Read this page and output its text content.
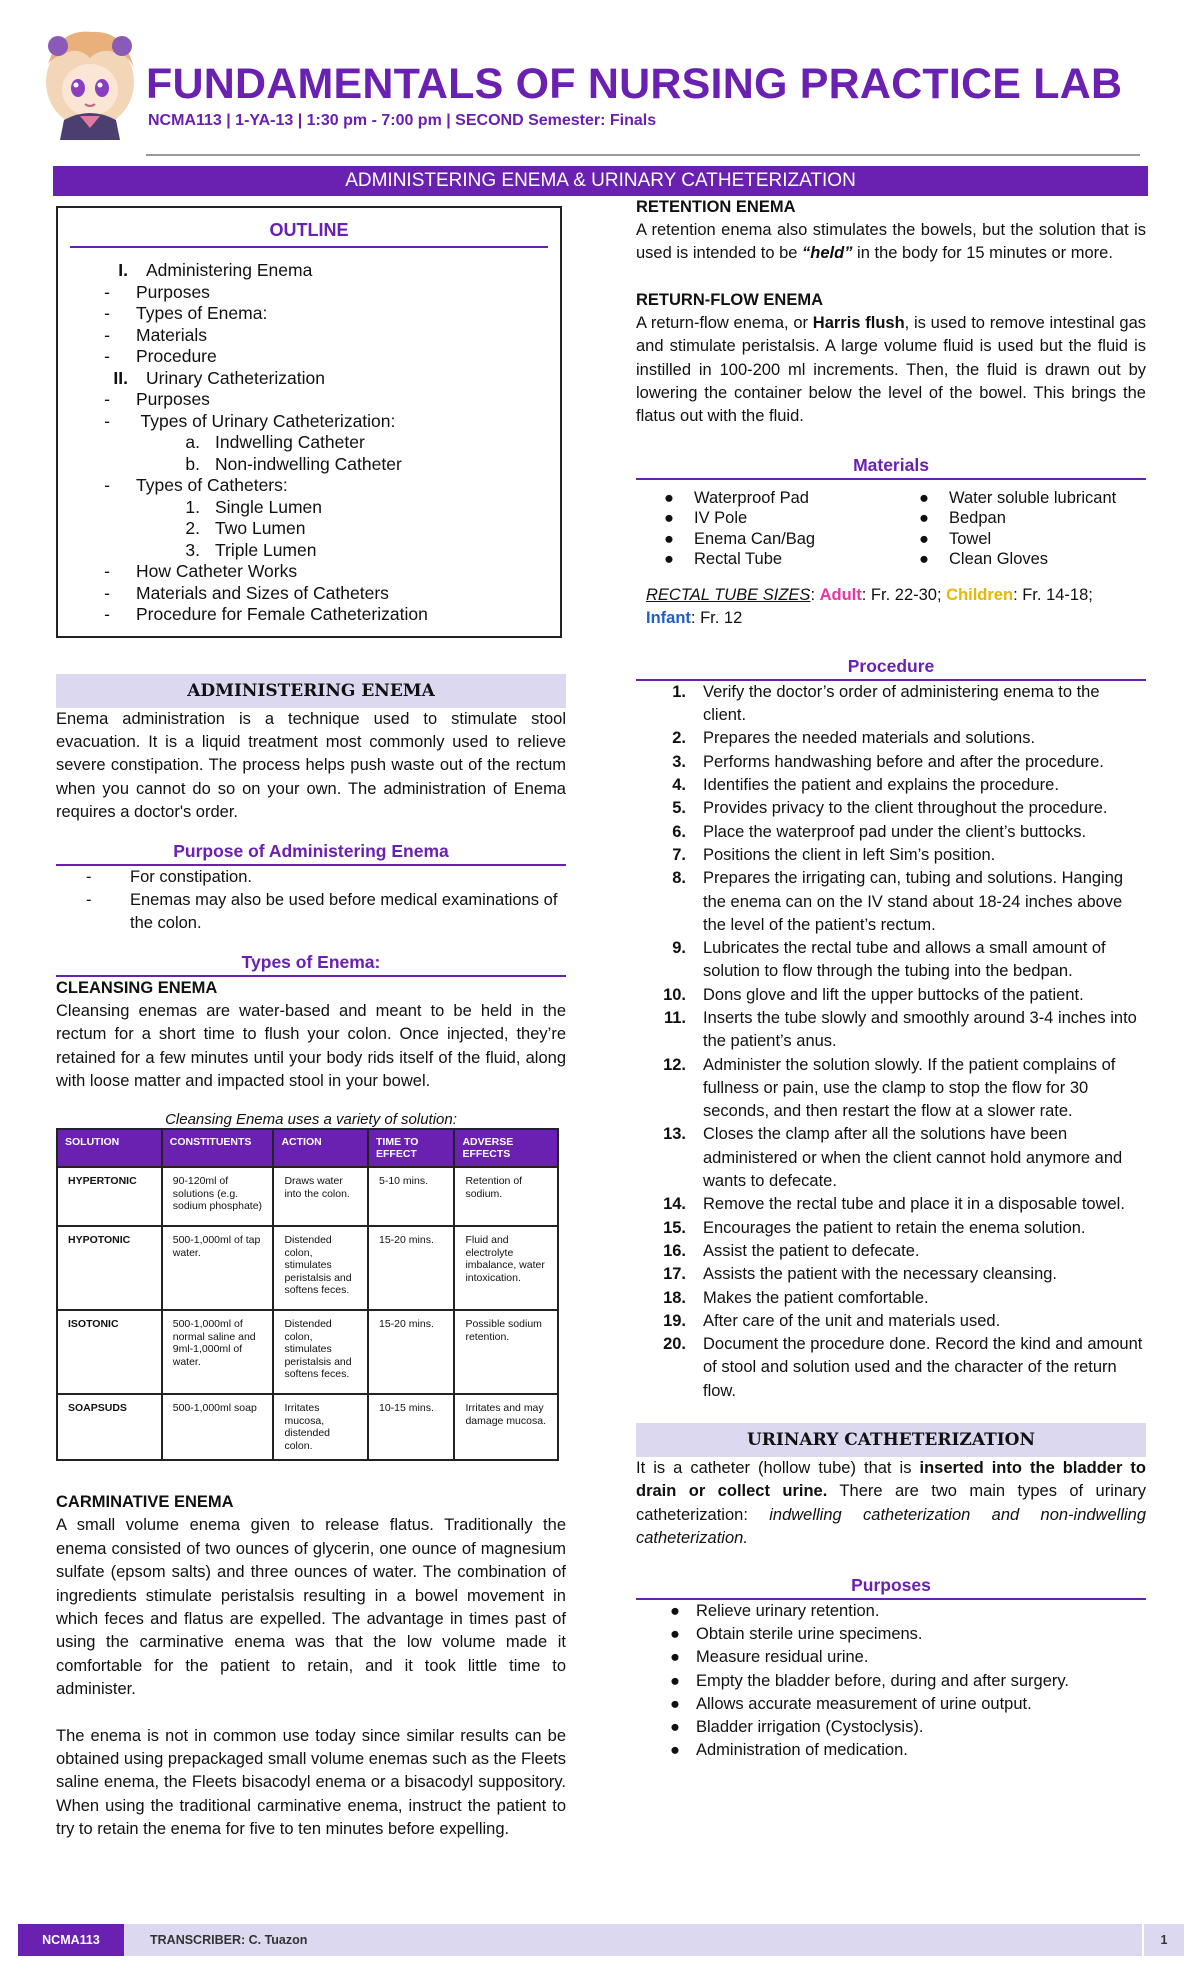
FUNDAMENTALS OF NURSING PRACTICE LAB
NCMA113 | 1-YA-13 | 1:30 pm - 7:00 pm | SECOND Semester: Finals
ADMINISTERING ENEMA & URINARY CATHETERIZATION
OUTLINE
I. Administering Enema
- Purposes
- Types of Enema:
- Materials
- Procedure
II. Urinary Catheterization
- Purposes
- Types of Urinary Catheterization:
a. Indwelling Catheter
b. Non-indwelling Catheter
- Types of Catheters:
1. Single Lumen
2. Two Lumen
3. Triple Lumen
- How Catheter Works
- Materials and Sizes of Catheters
- Procedure for Female Catheterization
ADMINISTERING ENEMA

Enema administration is a technique used to stimulate stool evacuation. It is a liquid treatment most commonly used to relieve severe constipation. The process helps push waste out of the rectum when you cannot do so on your own. The administration of Enema requires a doctor's order.

Purpose of Administering Enema
-	For constipation.
-	Enemas may also be used before medical examinations of the colon.
Types of Enema:
CLEANSING ENEMA

Cleansing enemas are water-based and meant to be held in the rectum for a short time to flush your colon. Once injected, they’re retained for a few minutes until your body rids itself of the fluid, along with loose matter and impacted stool in your bowel.

Cleansing Enema uses a variety of solution:

SOLUTION	CONSTITUENTS	ACTION	TIME TO EFFECT	ADVERSE EFFECTS
HYPERTONIC	90-120ml of solutions (e.g. sodium phosphate)	Draws water into the colon.	5-10 mins.	Retention of sodium.
HYPOTONIC	500-1,000ml of tap water.	Distended colon, stimulates peristalsis and softens feces.	15-20 mins.	Fluid and electrolyte imbalance, water intoxication.
ISOTONIC	500-1,000ml of normal saline and 9ml-1,000ml of water.	Distended colon, stimulates peristalsis and softens feces.	15-20 mins.	Possible sodium retention.
SOAPSUDS	500-1,000ml soap	Irritates mucosa, distended colon.	10-15 mins.	Irritates and may damage mucosa.
CARMINATIVE ENEMA

A small volume enema given to release flatus. Traditionally the enema consisted of two ounces of glycerin, one ounce of magnesium sulfate (epsom salts) and three ounces of water. The combination of ingredients stimulate peristalsis resulting in a bowel movement in which feces and flatus are expelled. The advantage in times past of using the carminative enema was that the low volume made it comfortable for the patient to retain, and it took little time to administer.

The enema is not in common use today since similar results can be obtained using prepackaged small volume enemas such as the Fleets saline enema, the Fleets bisacodyl enema or a bisacodyl suppository. When using the traditional carminative enema, instruct the patient to try to retain the enema for five to ten minutes before expelling.

RETENTION ENEMA

A retention enema also stimulates the bowels, but the solution that is used is intended to be “held” in the body for 15 minutes or more.

RETURN-FLOW ENEMA

A return-flow enema, or Harris flush, is used to remove intestinal gas and stimulate peristalsis. A large volume fluid is used but the fluid is instilled in 100-200 ml increments. Then, the fluid is drawn out by lowering the container below the level of the bowel. This brings the flatus out with the fluid.

Materials
●	Waterproof Pad
●	IV Pole
●	Enema Can/Bag
●	Rectal Tube
●	Water soluble lubricant
●	Bedpan
●	Towel
●	Clean Gloves
RECTAL TUBE SIZES: Adult: Fr. 22-30; Children: Fr. 14-18;
Infant: Fr. 12
Procedure
1.	Verify the doctor’s order of administering enema to the client.
2.	Prepares the needed materials and solutions.
3.	Performs handwashing before and after the procedure.
4.	Identifies the patient and explains the procedure.
5.	Provides privacy to the client throughout the procedure.
6.	Place the waterproof pad under the client’s buttocks.
7.	Positions the client in left Sim’s position.
8.	Prepares the irrigating can, tubing and solutions. Hanging the enema can on the IV stand about 18-24 inches above the level of the patient’s rectum.
9.	Lubricates the rectal tube and allows a small amount of solution to flow through the tubing into the bedpan.
10.	Dons glove and lift the upper buttocks of the patient.
11.	Inserts the tube slowly and smoothly around 3-4 inches into the patient’s anus.
12.	Administer the solution slowly. If the patient complains of fullness or pain, use the clamp to stop the flow for 30 seconds, and then restart the flow at a slower rate.
13.	Closes the clamp after all the solutions have been administered or when the client cannot hold anymore and wants to defecate.
14.	Remove the rectal tube and place it in a disposable towel.
15.	Encourages the patient to retain the enema solution.
16.	Assist the patient to defecate.
17.	Assists the patient with the necessary cleansing.
18.	Makes the patient comfortable.
19.	After care of the unit and materials used.
20.	Document the procedure done. Record the kind and amount of stool and solution used and the character of the return flow.
URINARY CATHETERIZATION

It is a catheter (hollow tube) that is inserted into the bladder to drain or collect urine. There are two main types of urinary catheterization: indwelling catheterization and non-indwelling catheterization.

Purposes
● Relieve urinary retention.
● Obtain sterile urine specimens.
● Measure residual urine.
● Empty the bladder before, during and after surgery.
● Allows accurate measurement of urine output.
● Bladder irrigation (Cystoclysis).
● Administration of medication.
NCMA113	TRANSCRIBER: C. Tuazon	1
